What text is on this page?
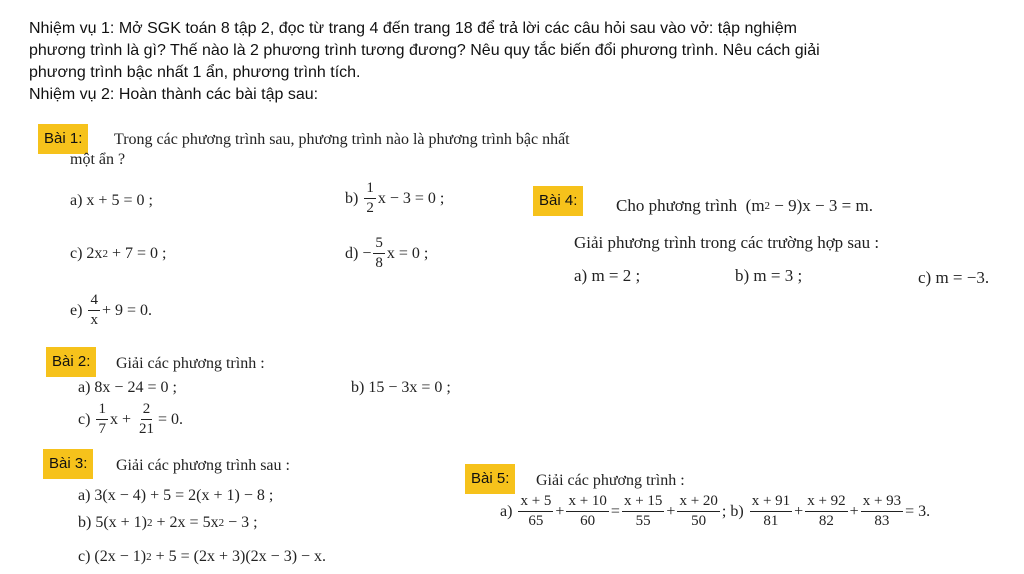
Nhiệm vụ 1: Mở SGK toán 8 tập 2, đọc từ trang 4 đến trang 18 để trả lời các câu hỏi sau vào vở: tập nghiệm
phương trình là gì? Thế nào là 2 phương trình tương đương? Nêu quy tắc biến đổi phương trình. Nêu cách giải
phương trình bậc nhất 1 ẩn, phương trình tích.
Nhiệm vụ 2: Hoàn thành các bài tập sau:
Bài 1:	Trong các phương trình sau, phương trình nào là phương trình bậc nhất
một ẩn ?
a) x + 5 = 0 ;	b)
$\frac{1}{2}$ x − 3 = 0 ;
c) 2x 2 + 7 = 0 ;	$d) - \frac{5}{8}$ x = 0 ;
e)
$\frac{4}{x} + 9 = 0$.
Bài 4:	Cho phương trình
(m 2 − 9)x − 3 = m.
Giải phương trình trong các trường hợp sau :
a) m = 2 ;	b) m = 3 ;	c) m = −3.
Bài 2:	Giải các phương trình :
a) 8x − 24 = 0 ;	b) 15 − 3x = 0 ;
c)
$\frac{1}{7}$ x +
$\frac{2}{21} = 0$.
Bài 3:	Giải các phương trình sau :
a) 3(x − 4) + 5 = 2(x + 1) − 8 ;
b) 5(x + 1) 2 + 2x = 5x 2 − 3 ;
c) (2x − 1) 2 + 5 = (2x + 3)(2x − 3) − x.
Bài 5:	Giải các phương trình :
a)
$\frac{x + 5}{65} + \frac{x + 10}{60} = \frac{x + 15}{55} + \frac{x + 20}{50}$ ; b)
$\frac{x + 91}{81} + \frac{x + 92}{82} + \frac{x + 93}{83} = 3$.
